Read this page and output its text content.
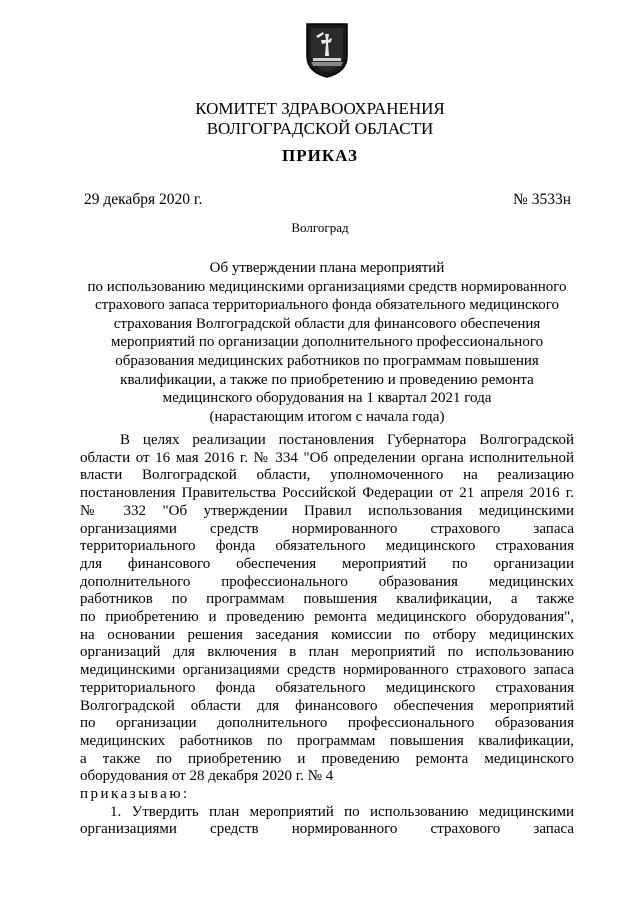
КОМИТЕТ ЗДРАВООХРАНЕНИЯ
ВОЛГОГРАДСКОЙ ОБЛАСТИ
ПРИКАЗ
29 декабря 2020 г.	№ 3533н
Волгоград
Об утверждении плана мероприятий
по использованию медицинскими организациями средств нормированного
страхового запаса территориального фонда обязательного медицинского
страхования Волгоградской области для финансового обеспечения
мероприятий по организации дополнительного профессионального
образования медицинских работников по программам повышения
квалификации, а также по приобретению и проведению ремонта
медицинского оборудования на 1 квартал 2021 года
(нарастающим итогом с начала года)
В целях реализации постановления Губернатора Волгоградской
области от 16 мая 2016 г. № 334 "Об определении органа исполнительной
власти Волгоградской области, уполномоченного на реализацию
постановления Правительства Российской Федерации от 21 апреля 2016 г.
№ 332 "Об утверждении Правил использования медицинскими
организациями средств нормированного страхового запаса
территориального фонда обязательного медицинского страхования
для финансового обеспечения мероприятий по организации
дополнительного профессионального образования медицинских
работников по программам повышения квалификации, а также
по приобретению и проведению ремонта медицинского оборудования",
на основании решения заседания комиссии по отбору медицинских
организаций для включения в план мероприятий по использованию
медицинскими организациями средств нормированного страхового запаса
территориального фонда обязательного медицинского страхования
Волгоградской области для финансового обеспечения мероприятий
по организации дополнительного профессионального образования
медицинских работников по программам повышения квалификации,
а также по приобретению и проведению ремонта медицинского
оборудования от 28 декабря 2020 г. № 4
приказываю:
1. Утвердить план мероприятий по использованию медицинскими
организациями средств нормированного страхового запаса
